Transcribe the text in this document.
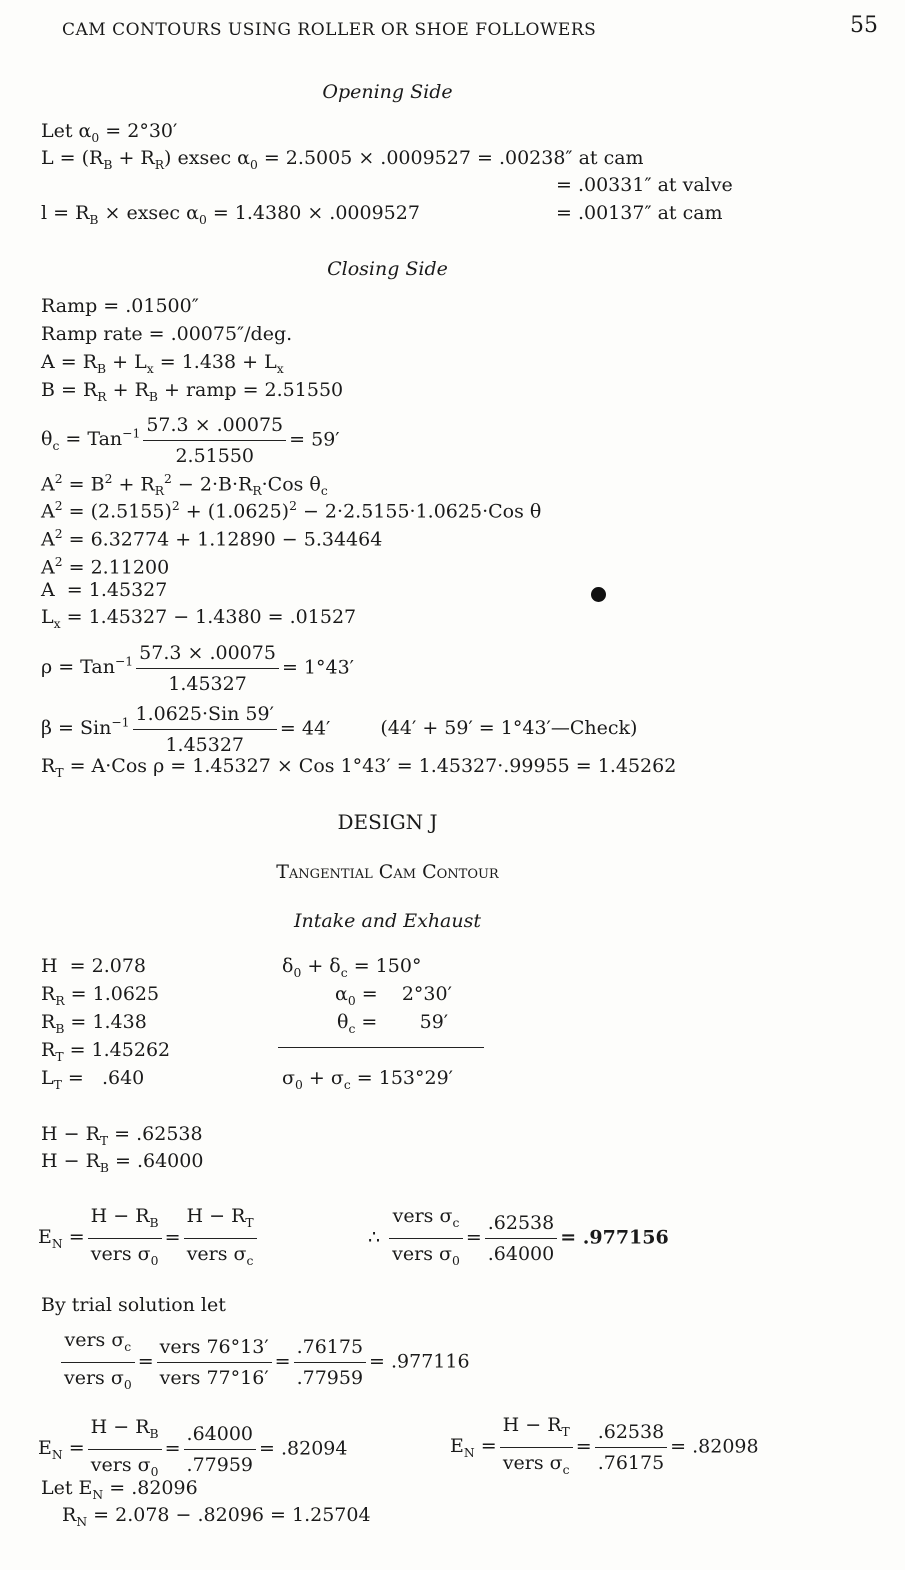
CAM CONTOURS USING ROLLER OR SHOE FOLLOWERS	55
Opening Side
Let $\alpha_0 = 2^\circ 30'$
$L = (R_B + R_R)$ exsec $\alpha_0 = 2.5005 \times .0009527 = .00238''$ at cam
= .00331″ at valve
$l = R_B \times exsec$ $\alpha_0 = 1.4380 \times .0009527$	= .00137″ at cam
Closing Side
Ramp = .01500″
Ramp rate = .00075″/deg.
$A = R_B + L_x = 1.438 + L_x$
$B = R_R + R_B$ + ramp = 2.51550
$\theta_c = Tan^{-1} \frac{57.3 \times .00075}{2.51550} = 59'$
$A^2 = B^2 + R_R^2 - 2\cdot B\cdot R_R\cdot Cos$ $\theta_c$
$A^2 = (2.5155)^2 + (1.0625)^2 - 2\cdot 2.5155\cdot 1.0625\cdot Cos$ θ
$A^2 = 6.32774 + 1.12890 - 5.34464$
$A^2 = 2.11200$
A  = 1.45327
$L_x = 1.45327 - 1.4380 = .01527$
$\rho = Tan^{-1} \frac{57.3 \times .00075}{1.45327} = 1^\circ 43'$
$\beta = Sin^{-1} \frac{\text{1.0625·Sin 59′}}{1.45327} = 44'$	(44′ + 59′ = 1°43′—Check)
$R_T = A\cdot Cos$ ρ = 1.45327 × Cos 1°43′ = 1.45327·.99955 = 1.45262
DESIGN J
Tangential Cam Contour
Intake and Exhaust
H  = 2.078
$R_R = 1.0625$
$R_B = 1.438$
$R_T = 1.45262$
$L_T = .640$
$\delta_0 + \delta_c = 150^\circ$
$\alpha_0$ =    2°30′
$\theta_c$ =       59′
$\sigma_0 + \sigma_c = 153^\circ 29'$
$H - R_T = .62538$
$H - R_B = .64000$
$E_N = \frac{H - R_B}{vers \sigma_0} = \frac{H - R_T}{vers \sigma_c}$	∴ $\frac{vers \sigma_c}{vers \sigma_0} = \frac{.62538}{.64000} = .977156$
By trial solution let
$\frac{vers \sigma_c}{vers \sigma_0} = \frac{\text{vers 76°13′}}{\text{vers 77°16′}} = \frac{.76175}{.77959} = .977116$
$E_N = \frac{H - R_B}{vers \sigma_0} = \frac{.64000}{.77959} = .82094$	$E_N = \frac{H - R_T}{vers \sigma_c} = \frac{.62538}{.76175} = .82098$
Let $E_N = .82096$
$R_N = 2.078 - .82096 = 1.25704$
